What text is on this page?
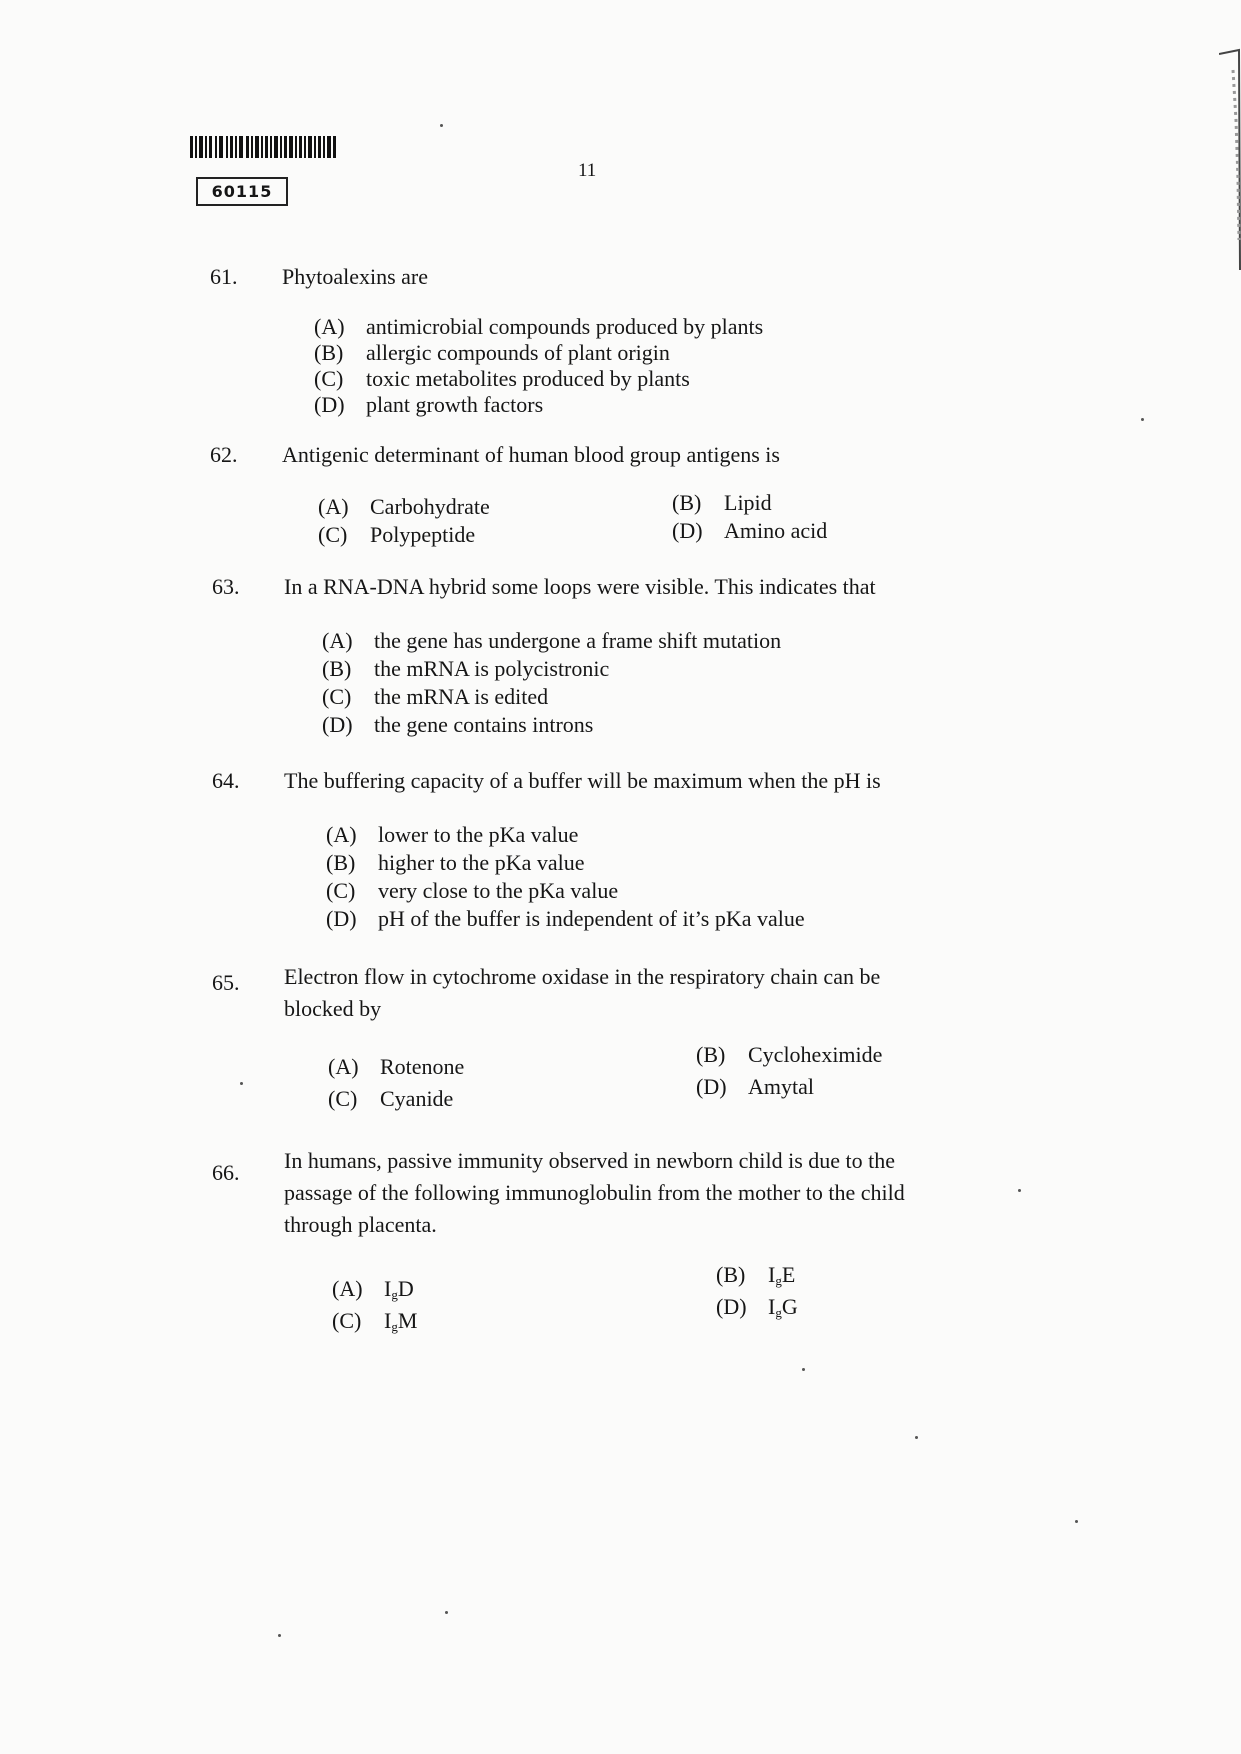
60115
11
61. Phytoalexins are
(A) antimicrobial compounds produced by plants
(B) allergic compounds of plant origin
(C) toxic metabolites produced by plants
(D) plant growth factors
62. Antigenic determinant of human blood group antigens is
(A) Carbohydrate	(B) Lipid
(C) Polypeptide	(D) Amino acid
63. In a RNA-DNA hybrid some loops were visible. This indicates that
(A) the gene has undergone a frame shift mutation
(B) the mRNA is polycistronic
(C) the mRNA is edited
(D) the gene contains introns
64. The buffering capacity of a buffer will be maximum when the pH is
(A) lower to the pKa value
(B) higher to the pKa value
(C) very close to the pKa value
(D) pH of the buffer is independent of it’s pKa value
65. Electron flow in cytochrome oxidase in the respiratory chain can be
blocked by
(A) Rotenone	(B) Cycloheximide
(C) Cyanide	(D) Amytal
66. In humans, passive immunity observed in newborn child is due to the
passage of the following immunoglobulin from the mother to the child
through placenta.
(A) $I_gD$
(B) $I_gE$
(C) $I_gM$
(D) $I_gG$
